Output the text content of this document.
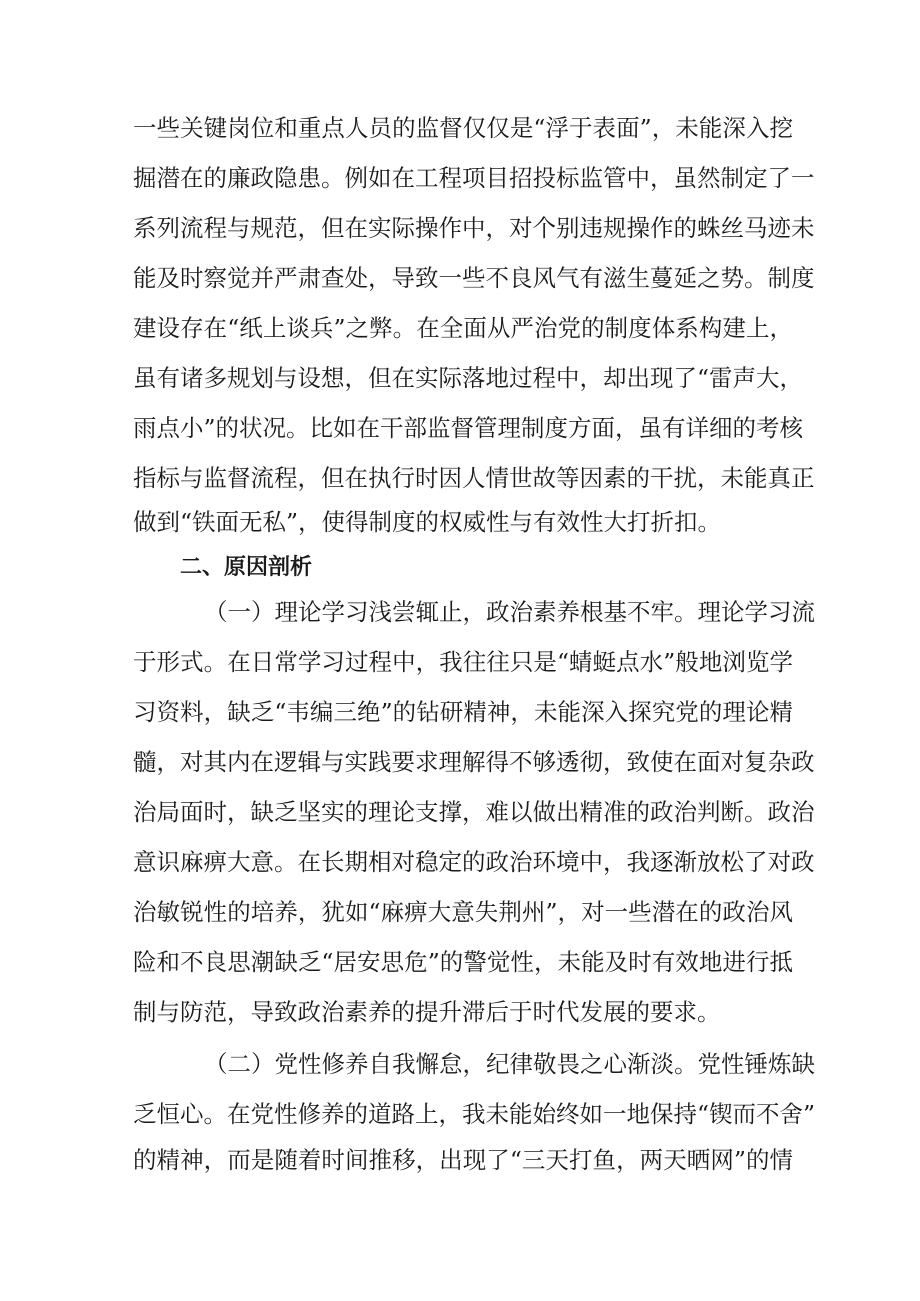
一些关键岗位和重点人员的监督仅仅是“浮于表面”，未能深入挖
掘潜在的廉政隐患。例如在工程项目招投标监管中，虽然制定了一
系列流程与规范，但在实际操作中，对个别违规操作的蛛丝马迹未
能及时察觉并严肃查处，导致一些不良风气有滋生蔓延之势。制度
建设存在“纸上谈兵”之弊。在全面从严治党的制度体系构建上，
虽有诸多规划与设想，但在实际落地过程中，却出现了“雷声大，
雨点小”的状况。比如在干部监督管理制度方面，虽有详细的考核
指标与监督流程，但在执行时因人情世故等因素的干扰，未能真正
做到“铁面无私”，使得制度的权威性与有效性大打折扣。
二、原因剖析
（一）理论学习浅尝辄止，政治素养根基不牢。理论学习流
于形式。在日常学习过程中，我往往只是“蜻蜓点水”般地浏览学
习资料，缺乏“韦编三绝”的钻研精神，未能深入探究党的理论精
髓，对其内在逻辑与实践要求理解得不够透彻，致使在面对复杂政
治局面时，缺乏坚实的理论支撑，难以做出精准的政治判断。政治
意识麻痹大意。在长期相对稳定的政治环境中，我逐渐放松了对政
治敏锐性的培养，犹如“麻痹大意失荆州”，对一些潜在的政治风
险和不良思潮缺乏“居安思危”的警觉性，未能及时有效地进行抵
制与防范，导致政治素养的提升滞后于时代发展的要求。
（二）党性修养自我懈怠，纪律敬畏之心渐淡。党性锤炼缺
乏恒心。在党性修养的道路上，我未能始终如一地保持“锲而不舍”
的精神，而是随着时间推移，出现了“三天打鱼，两天晒网”的情
